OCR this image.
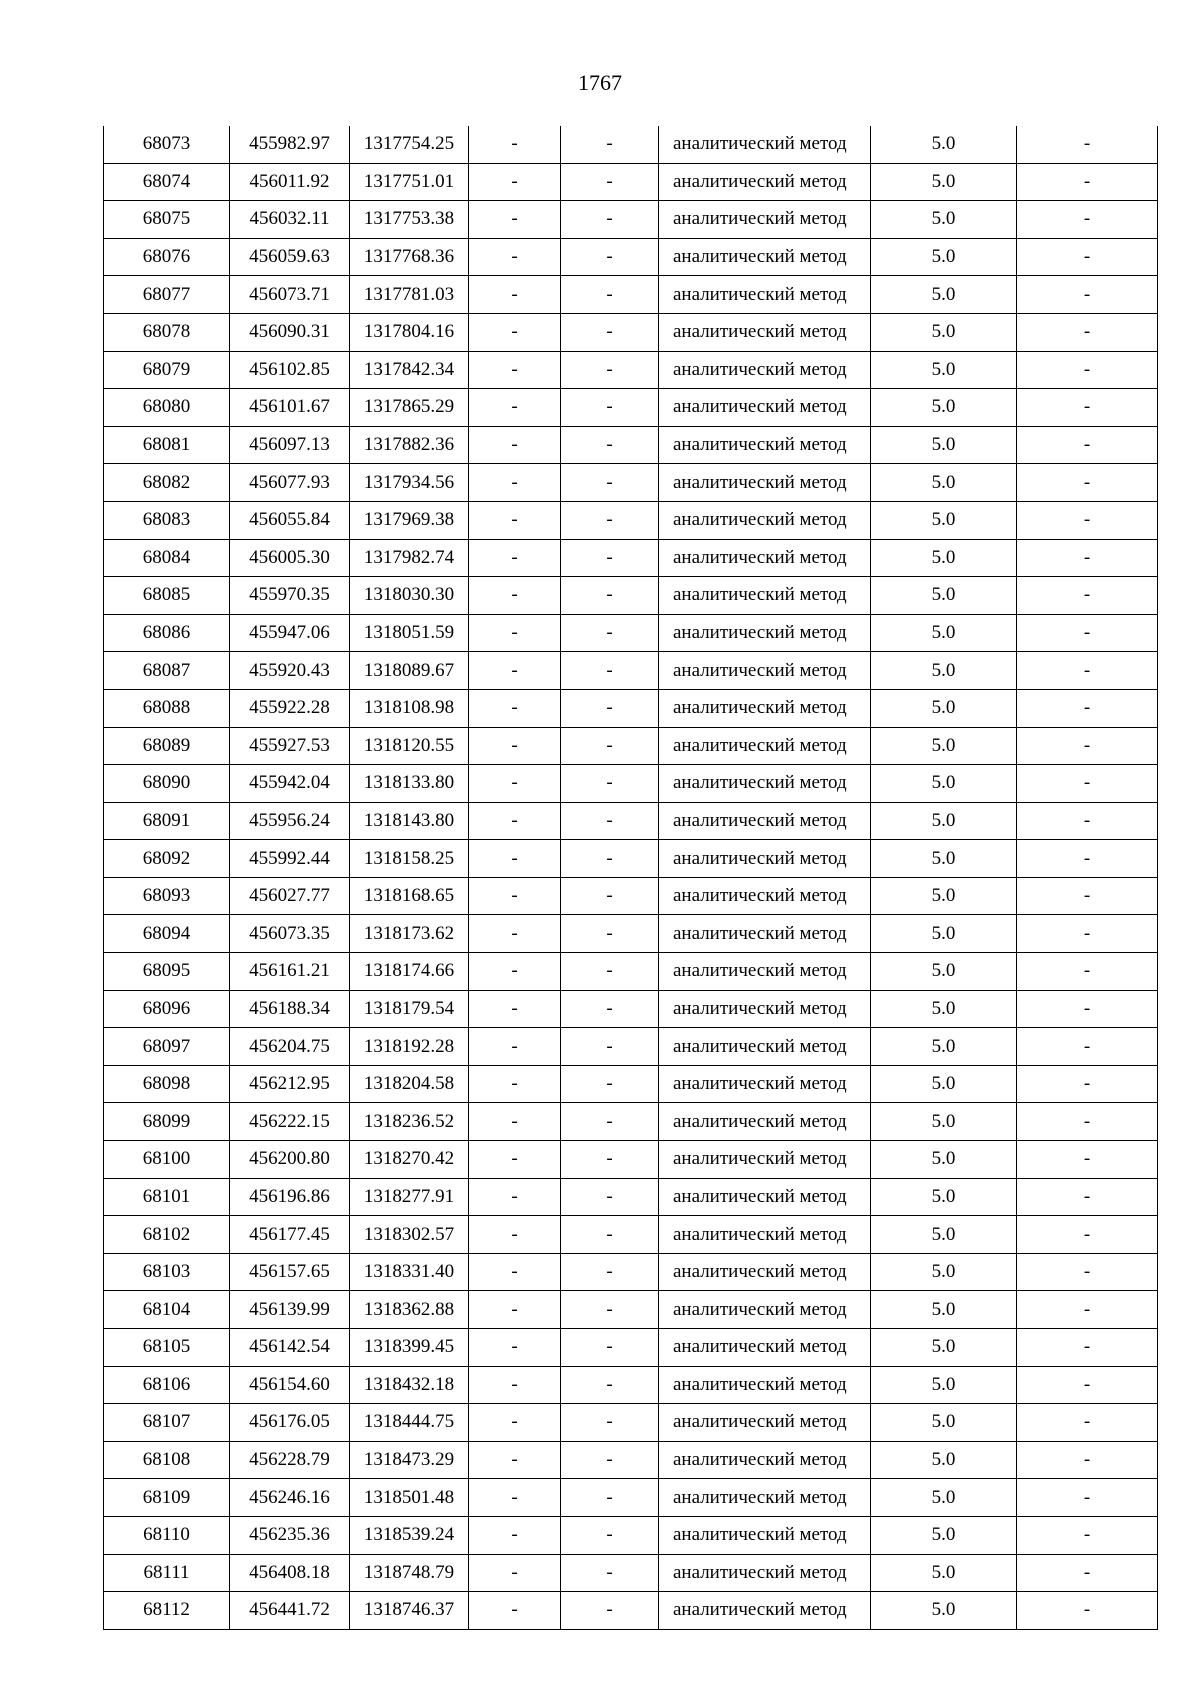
1767
68073	455982.97	1317754.25	-	-	аналитический метод	5.0	-
68074	456011.92	1317751.01	-	-	аналитический метод	5.0	-
68075	456032.11	1317753.38	-	-	аналитический метод	5.0	-
68076	456059.63	1317768.36	-	-	аналитический метод	5.0	-
68077	456073.71	1317781.03	-	-	аналитический метод	5.0	-
68078	456090.31	1317804.16	-	-	аналитический метод	5.0	-
68079	456102.85	1317842.34	-	-	аналитический метод	5.0	-
68080	456101.67	1317865.29	-	-	аналитический метод	5.0	-
68081	456097.13	1317882.36	-	-	аналитический метод	5.0	-
68082	456077.93	1317934.56	-	-	аналитический метод	5.0	-
68083	456055.84	1317969.38	-	-	аналитический метод	5.0	-
68084	456005.30	1317982.74	-	-	аналитический метод	5.0	-
68085	455970.35	1318030.30	-	-	аналитический метод	5.0	-
68086	455947.06	1318051.59	-	-	аналитический метод	5.0	-
68087	455920.43	1318089.67	-	-	аналитический метод	5.0	-
68088	455922.28	1318108.98	-	-	аналитический метод	5.0	-
68089	455927.53	1318120.55	-	-	аналитический метод	5.0	-
68090	455942.04	1318133.80	-	-	аналитический метод	5.0	-
68091	455956.24	1318143.80	-	-	аналитический метод	5.0	-
68092	455992.44	1318158.25	-	-	аналитический метод	5.0	-
68093	456027.77	1318168.65	-	-	аналитический метод	5.0	-
68094	456073.35	1318173.62	-	-	аналитический метод	5.0	-
68095	456161.21	1318174.66	-	-	аналитический метод	5.0	-
68096	456188.34	1318179.54	-	-	аналитический метод	5.0	-
68097	456204.75	1318192.28	-	-	аналитический метод	5.0	-
68098	456212.95	1318204.58	-	-	аналитический метод	5.0	-
68099	456222.15	1318236.52	-	-	аналитический метод	5.0	-
68100	456200.80	1318270.42	-	-	аналитический метод	5.0	-
68101	456196.86	1318277.91	-	-	аналитический метод	5.0	-
68102	456177.45	1318302.57	-	-	аналитический метод	5.0	-
68103	456157.65	1318331.40	-	-	аналитический метод	5.0	-
68104	456139.99	1318362.88	-	-	аналитический метод	5.0	-
68105	456142.54	1318399.45	-	-	аналитический метод	5.0	-
68106	456154.60	1318432.18	-	-	аналитический метод	5.0	-
68107	456176.05	1318444.75	-	-	аналитический метод	5.0	-
68108	456228.79	1318473.29	-	-	аналитический метод	5.0	-
68109	456246.16	1318501.48	-	-	аналитический метод	5.0	-
68110	456235.36	1318539.24	-	-	аналитический метод	5.0	-
68111	456408.18	1318748.79	-	-	аналитический метод	5.0	-
68112	456441.72	1318746.37	-	-	аналитический метод	5.0	-
